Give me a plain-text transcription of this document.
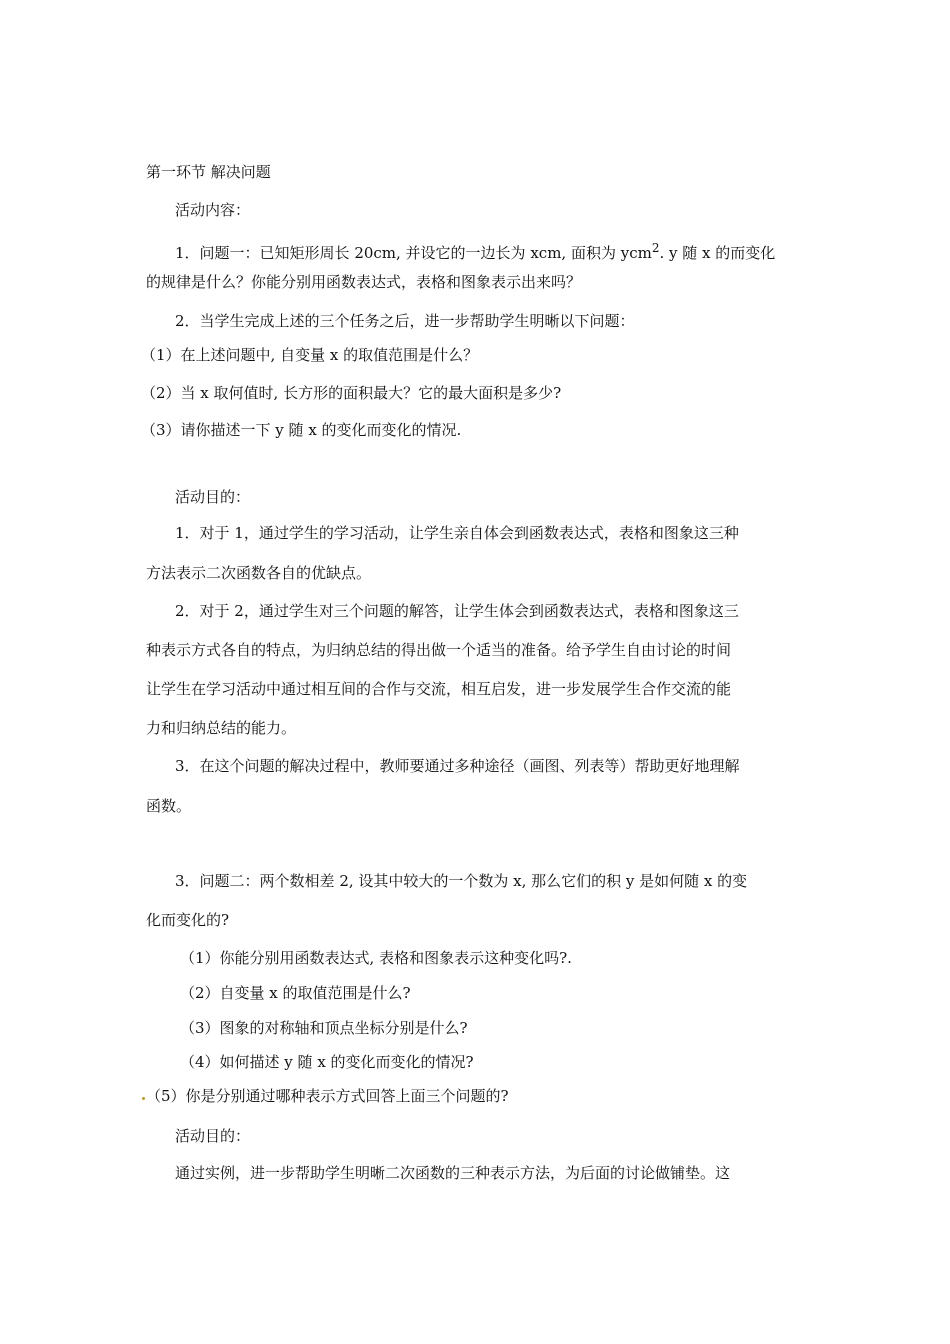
第一环节 解决问题
活动内容：
1．问题一：已知矩形周长 20cm, 并设它的一边长为 xcm, 面积为 ycm$^2$. y 随 x 的而变化
的规律是什么？你能分别用函数表达式，表格和图象表示出来吗？
2．当学生完成上述的三个任务之后，进一步帮助学生明晰以下问题：
（1）在上述问题中, 自变量 x 的取值范围是什么？
（2）当 x 取何值时, 长方形的面积最大？它的最大面积是多少?
（3）请你描述一下 y 随 x 的变化而变化的情况.
活动目的：
1．对于 1，通过学生的学习活动，让学生亲自体会到函数表达式，表格和图象这三种
方法表示二次函数各自的优缺点。
2．对于 2，通过学生对三个问题的解答，让学生体会到函数表达式，表格和图象这三
种表示方式各自的特点，为归纳总结的得出做一个适当的准备。给予学生自由讨论的时间
让学生在学习活动中通过相互间的合作与交流，相互启发，进一步发展学生合作交流的能
力和归纳总结的能力。
3．在这个问题的解决过程中，教师要通过多种途径（画图、列表等）帮助更好地理解
函数。
3．问题二：两个数相差 2, 设其中较大的一个数为 x, 那么它们的积 y 是如何随 x 的变
化而变化的?
（1）你能分别用函数表达式, 表格和图象表示这种变化吗?.
（2）自变量 x 的取值范围是什么?
（3）图象的对称轴和顶点坐标分别是什么?
（4）如何描述 y 随 x 的变化而变化的情况?
（5）你是分别通过哪种表示方式回答上面三个问题的?
活动目的：
通过实例，进一步帮助学生明晰二次函数的三种表示方法，为后面的讨论做铺垫。这
